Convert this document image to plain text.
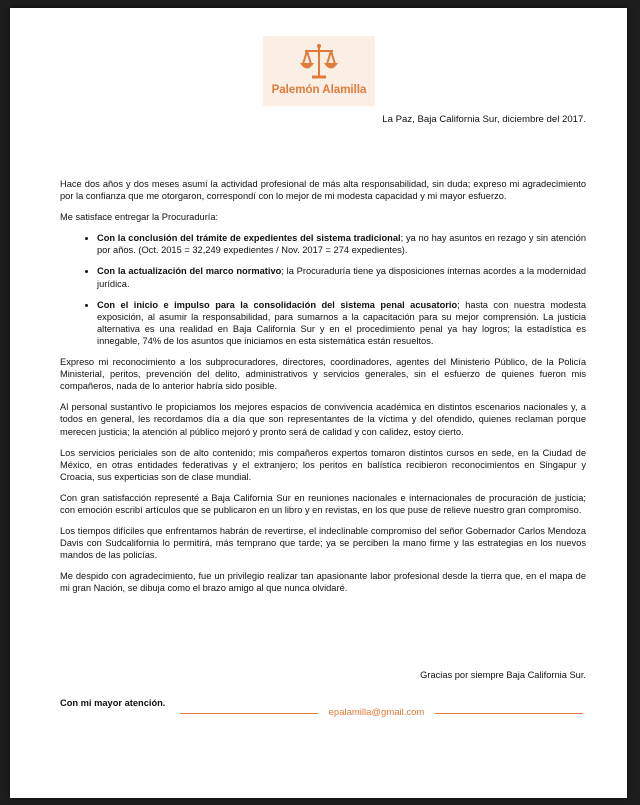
Palemón Alamilla
La Paz, Baja California Sur, diciembre del 2017.

Hace dos años y dos meses asumí la actividad profesional de más alta responsabilidad, sin duda; expreso mi agradecimiento por la confianza que me otorgaron, correspondí con lo mejor de mi modesta capacidad y mi mayor esfuerzo.

Me satisface entregar la Procuraduría:

• Con la conclusión del trámite de expedientes del sistema tradicional; ya no hay asuntos en rezago y sin atención por años. (Oct. 2015 = 32,249 expedientes / Nov. 2017 = 274 expedientes).
• Con la actualización del marco normativo; la Procuraduría tiene ya disposiciones internas acordes a la modernidad jurídica.
• Con el inicio e impulso para la consolidación del sistema penal acusatorio; hasta con nuestra modesta exposición, al asumir la responsabilidad, para sumarnos a la capacitación para su mejor comprensión. La justicia alternativa es una realidad en Baja California Sur y en el procedimiento penal ya hay logros; la estadística es innegable, 74% de los asuntos que iniciamos en esta sistemática están resueltos.

Expreso mi reconocimiento a los subprocuradores, directores, coordinadores, agentes del Ministerio Público, de la Policía Ministerial, peritos, prevención del delito, administrativos y servicios generales, sin el esfuerzo de quienes fueron mis compañeros, nada de lo anterior habría sido posible.

Al personal sustantivo le propiciamos los mejores espacios de convivencia académica en distintos escenarios nacionales y, a todos en general, les recordamos día a día que son representantes de la víctima y del ofendido, quienes reclaman porque merecen justicia; la atención al público mejoró y pronto será de calidad y con calidez, estoy cierto.

Los servicios periciales son de alto contenido; mis compañeros expertos tomaron distintos cursos en sede, en la Ciudad de México, en otras entidades federativas y el extranjero; los peritos en balística recibieron reconocimientos en Singapur y Croacia, sus experticias son de clase mundial.

Con gran satisfacción representé a Baja California Sur en reuniones nacionales e internacionales de procuración de justicia; con emoción escribí artículos que se publicaron en un libro y en revistas, en los que puse de relieve nuestro gran compromiso.

Los tiempos difíciles que enfrentamos habrán de revertirse, el indeclinable compromiso del señor Gobernador Carlos Mendoza Davis con Sudcalifornia lo permitirá, más temprano que tarde; ya se perciben la mano firme y las estrategias en los nuevos mandos de las policías.

Me despido con agradecimiento, fue un privilegio realizar tan apasionante labor profesional desde la tierra que, en el mapa de mi gran Nación, se dibuja como el brazo amigo al que nunca olvidaré.

Gracias por siempre Baja California Sur.
Con mi mayor atención.
epalamilla@gmail.com
